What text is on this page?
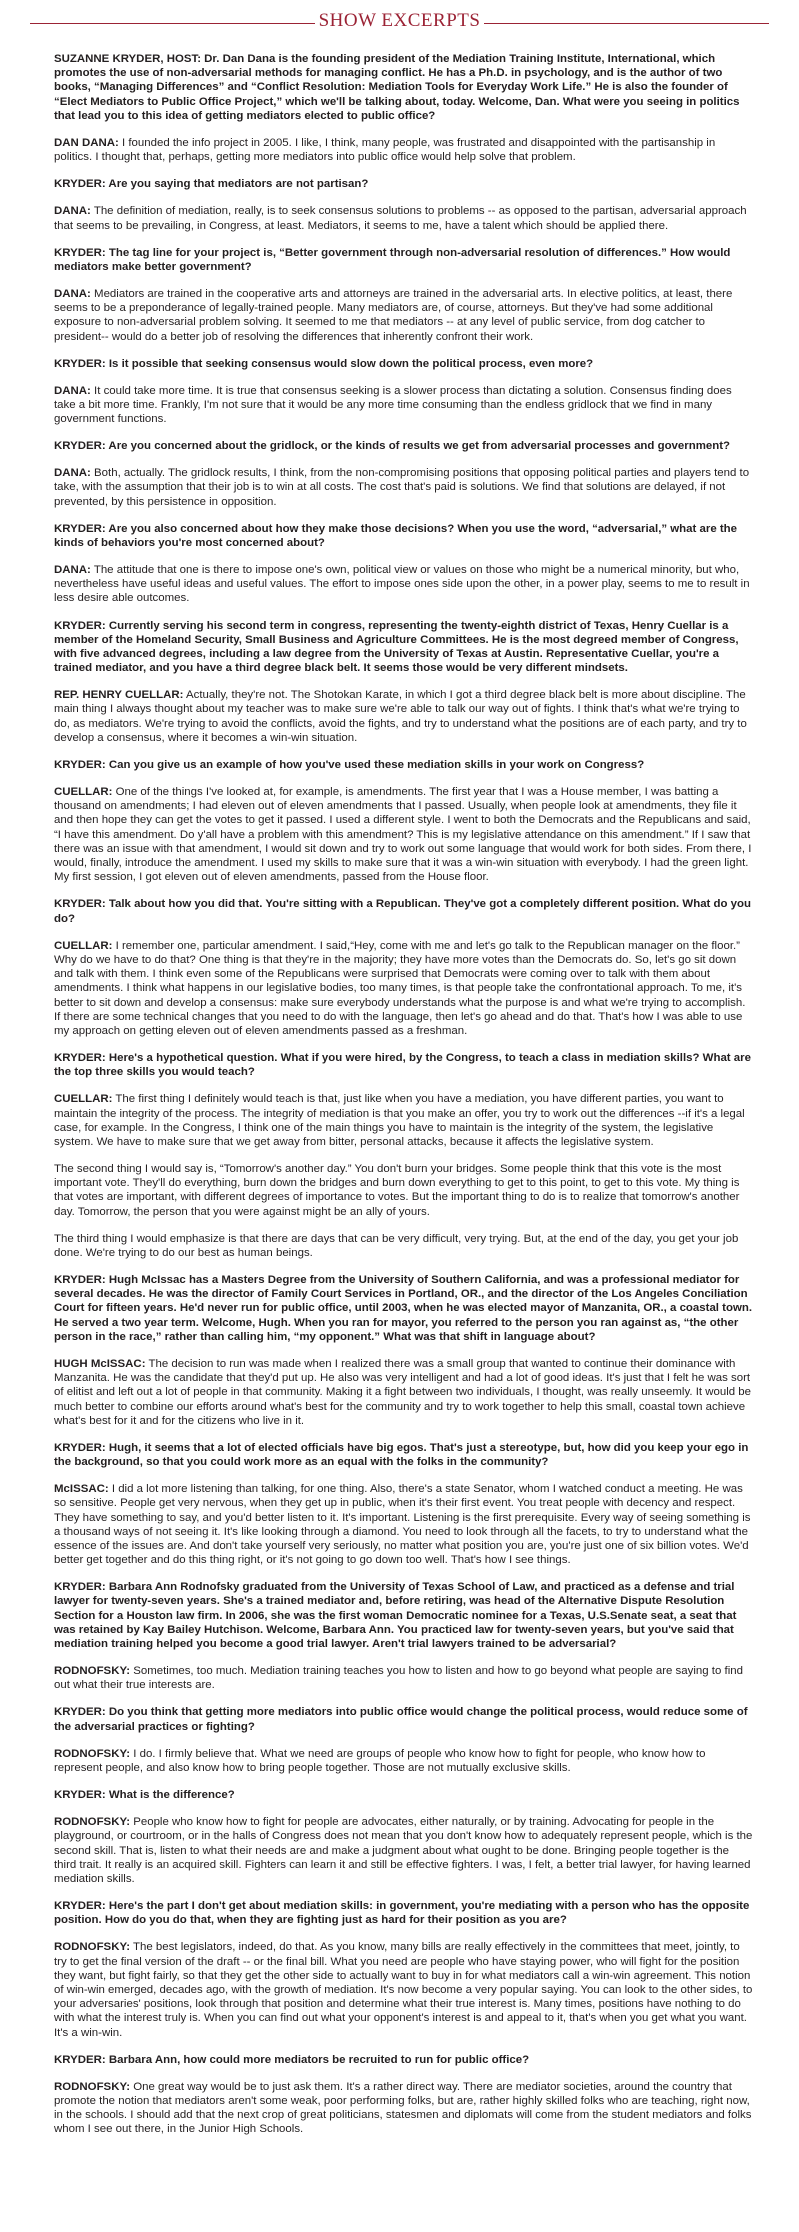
SHOW EXCERPTS

SUZANNE KRYDER, HOST: Dr. Dan Dana is the founding president of the Mediation Training Institute, International, which promotes the use of non-adversarial methods for managing conflict. He has a Ph.D. in psychology, and is the author of two books, “Managing Differences” and “Conflict Resolution: Mediation Tools for Everyday Work Life.” He is also the founder of “Elect Mediators to Public Office Project,” which we'll be talking about, today. Welcome, Dan. What were you seeing in politics that lead you to this idea of getting mediators elected to public office?

DAN DANA: I founded the info project in 2005. I like, I think, many people, was frustrated and disappointed with the partisanship in politics. I thought that, perhaps, getting more mediators into public office would help solve that problem.

KRYDER: Are you saying that mediators are not partisan?

DANA: The definition of mediation, really, is to seek consensus solutions to problems -- as opposed to the partisan, adversarial approach that seems to be prevailing, in Congress, at least. Mediators, it seems to me, have a talent which should be applied there.

KRYDER: The tag line for your project is, “Better government through non-adversarial resolution of differences.” How would mediators make better government?

DANA: Mediators are trained in the cooperative arts and attorneys are trained in the adversarial arts. In elective politics, at least, there seems to be a preponderance of legally-trained people. Many mediators are, of course, attorneys. But they've had some additional exposure to non-adversarial problem solving. It seemed to me that mediators -- at any level of public service, from dog catcher to president-- would do a better job of resolving the differences that inherently confront their work.

KRYDER: Is it possible that seeking consensus would slow down the political process, even more?

DANA: It could take more time. It is true that consensus seeking is a slower process than dictating a solution. Consensus finding does take a bit more time. Frankly, I'm not sure that it would be any more time consuming than the endless gridlock that we find in many government functions.

KRYDER: Are you concerned about the gridlock, or the kinds of results we get from adversarial processes and government?

DANA: Both, actually. The gridlock results, I think, from the non-compromising positions that opposing political parties and players tend to take, with the assumption that their job is to win at all costs. The cost that's paid is solutions. We find that solutions are delayed, if not prevented, by this persistence in opposition.

KRYDER: Are you also concerned about how they make those decisions? When you use the word, “adversarial,” what are the kinds of behaviors you're most concerned about?

DANA: The attitude that one is there to impose one's own, political view or values on those who might be a numerical minority, but who, nevertheless have useful ideas and useful values. The effort to impose ones side upon the other, in a power play, seems to me to result in less desire able outcomes.

KRYDER: Currently serving his second term in congress, representing the twenty-eighth district of Texas, Henry Cuellar is a member of the Homeland Security, Small Business and Agriculture Committees. He is the most degreed member of Congress, with five advanced degrees, including a law degree from the University of Texas at Austin. Representative Cuellar, you're a trained mediator, and you have a third degree black belt. It seems those would be very different mindsets.

REP. HENRY CUELLAR: Actually, they're not. The Shotokan Karate, in which I got a third degree black belt is more about discipline. The main thing I always thought about my teacher was to make sure we're able to talk our way out of fights. I think that's what we're trying to do, as mediators. We're trying to avoid the conflicts, avoid the fights, and try to understand what the positions are of each party, and try to develop a consensus, where it becomes a win-win situation.

KRYDER: Can you give us an example of how you've used these mediation skills in your work on Congress?

CUELLAR: One of the things I've looked at, for example, is amendments. The first year that I was a House member, I was batting a thousand on amendments; I had eleven out of eleven amendments that I passed. Usually, when people look at amendments, they file it and then hope they can get the votes to get it passed. I used a different style. I went to both the Democrats and the Republicans and said, “I have this amendment. Do y'all have a problem with this amendment? This is my legislative attendance on this amendment.” If I saw that there was an issue with that amendment, I would sit down and try to work out some language that would work for both sides. From there, I would, finally, introduce the amendment. I used my skills to make sure that it was a win-win situation with everybody. I had the green light. My first session, I got eleven out of eleven amendments, passed from the House floor.

KRYDER: Talk about how you did that. You're sitting with a Republican. They've got a completely different position. What do you do?

CUELLAR: I remember one, particular amendment. I said,“Hey, come with me and let's go talk to the Republican manager on the floor.” Why do we have to do that? One thing is that they're in the majority; they have more votes than the Democrats do. So, let's go sit down and talk with them. I think even some of the Republicans were surprised that Democrats were coming over to talk with them about amendments. I think what happens in our legislative bodies, too many times, is that people take the confrontational approach. To me, it's better to sit down and develop a consensus: make sure everybody understands what the purpose is and what we're trying to accomplish. If there are some technical changes that you need to do with the language, then let's go ahead and do that. That's how I was able to use my approach on getting eleven out of eleven amendments passed as a freshman.

KRYDER: Here's a hypothetical question. What if you were hired, by the Congress, to teach a class in mediation skills? What are the top three skills you would teach?

CUELLAR: The first thing I definitely would teach is that, just like when you have a mediation, you have different parties, you want to maintain the integrity of the process. The integrity of mediation is that you make an offer, you try to work out the differences --if it's a legal case, for example. In the Congress, I think one of the main things you have to maintain is the integrity of the system, the legislative system. We have to make sure that we get away from bitter, personal attacks, because it affects the legislative system.

The second thing I would say is, “Tomorrow's another day.” You don't burn your bridges. Some people think that this vote is the most important vote. They'll do everything, burn down the bridges and burn down everything to get to this point, to get to this vote. My thing is that votes are important, with different degrees of importance to votes. But the important thing to do is to realize that tomorrow's another day. Tomorrow, the person that you were against might be an ally of yours.

The third thing I would emphasize is that there are days that can be very difficult, very trying. But, at the end of the day, you get your job done. We're trying to do our best as human beings.

KRYDER: Hugh McIssac has a Masters Degree from the University of Southern California, and was a professional mediator for several decades. He was the director of Family Court Services in Portland, OR., and the director of the Los Angeles Conciliation Court for fifteen years. He'd never run for public office, until 2003, when he was elected mayor of Manzanita, OR., a coastal town. He served a two year term. Welcome, Hugh. When you ran for mayor, you referred to the person you ran against as, “the other person in the race,” rather than calling him, “my opponent.” What was that shift in language about?

HUGH McISSAC: The decision to run was made when I realized there was a small group that wanted to continue their dominance with Manzanita. He was the candidate that they'd put up. He also was very intelligent and had a lot of good ideas. It's just that I felt he was sort of elitist and left out a lot of people in that community. Making it a fight between two individuals, I thought, was really unseemly. It would be much better to combine our efforts around what's best for the community and try to work together to help this small, coastal town achieve what's best for it and for the citizens who live in it.

KRYDER: Hugh, it seems that a lot of elected officials have big egos. That's just a stereotype, but, how did you keep your ego in the background, so that you could work more as an equal with the folks in the community?

McISSAC: I did a lot more listening than talking, for one thing. Also, there's a state Senator, whom I watched conduct a meeting. He was so sensitive. People get very nervous, when they get up in public, when it's their first event. You treat people with decency and respect. They have something to say, and you'd better listen to it. It's important. Listening is the first prerequisite. Every way of seeing something is a thousand ways of not seeing it. It's like looking through a diamond. You need to look through all the facets, to try to understand what the essence of the issues are. And don't take yourself very seriously, no matter what position you are, you're just one of six billion votes. We'd better get together and do this thing right, or it's not going to go down too well. That's how I see things.

KRYDER: Barbara Ann Rodnofsky graduated from the University of Texas School of Law, and practiced as a defense and trial lawyer for twenty-seven years. She's a trained mediator and, before retiring, was head of the Alternative Dispute Resolution Section for a Houston law firm. In 2006, she was the first woman Democratic nominee for a Texas, U.S.Senate seat, a seat that was retained by Kay Bailey Hutchison. Welcome, Barbara Ann. You practiced law for twenty-seven years, but you've said that mediation training helped you become a good trial lawyer. Aren't trial lawyers trained to be adversarial?

RODNOFSKY: Sometimes, too much. Mediation training teaches you how to listen and how to go beyond what people are saying to find out what their true interests are.

KRYDER: Do you think that getting more mediators into public office would change the political process, would reduce some of the adversarial practices or fighting?

RODNOFSKY: I do. I firmly believe that. What we need are groups of people who know how to fight for people, who know how to represent people, and also know how to bring people together. Those are not mutually exclusive skills.

KRYDER: What is the difference?

RODNOFSKY: People who know how to fight for people are advocates, either naturally, or by training. Advocating for people in the playground, or courtroom, or in the halls of Congress does not mean that you don't know how to adequately represent people, which is the second skill. That is, listen to what their needs are and make a judgment about what ought to be done. Bringing people together is the third trait. It really is an acquired skill. Fighters can learn it and still be effective fighters. I was, I felt, a better trial lawyer, for having learned mediation skills.

KRYDER: Here's the part I don't get about mediation skills: in government, you're mediating with a person who has the opposite position. How do you do that, when they are fighting just as hard for their position as you are?

RODNOFSKY: The best legislators, indeed, do that. As you know, many bills are really effectively in the committees that meet, jointly, to try to get the final version of the draft -- or the final bill. What you need are people who have staying power, who will fight for the position they want, but fight fairly, so that they get the other side to actually want to buy in for what mediators call a win-win agreement. This notion of win-win emerged, decades ago, with the growth of mediation. It's now become a very popular saying. You can look to the other sides, to your adversaries' positions, look through that position and determine what their true interest is. Many times, positions have nothing to do with what the interest truly is. When you can find out what your opponent's interest is and appeal to it, that's when you get what you want. It's a win-win.

KRYDER: Barbara Ann, how could more mediators be recruited to run for public office?

RODNOFSKY: One great way would be to just ask them. It's a rather direct way. There are mediator societies, around the country that promote the notion that mediators aren't some weak, poor performing folks, but are, rather highly skilled folks who are teaching, right now, in the schools. I should add that the next crop of great politicians, statesmen and diplomats will come from the student mediators and folks whom I see out there, in the Junior High Schools.
